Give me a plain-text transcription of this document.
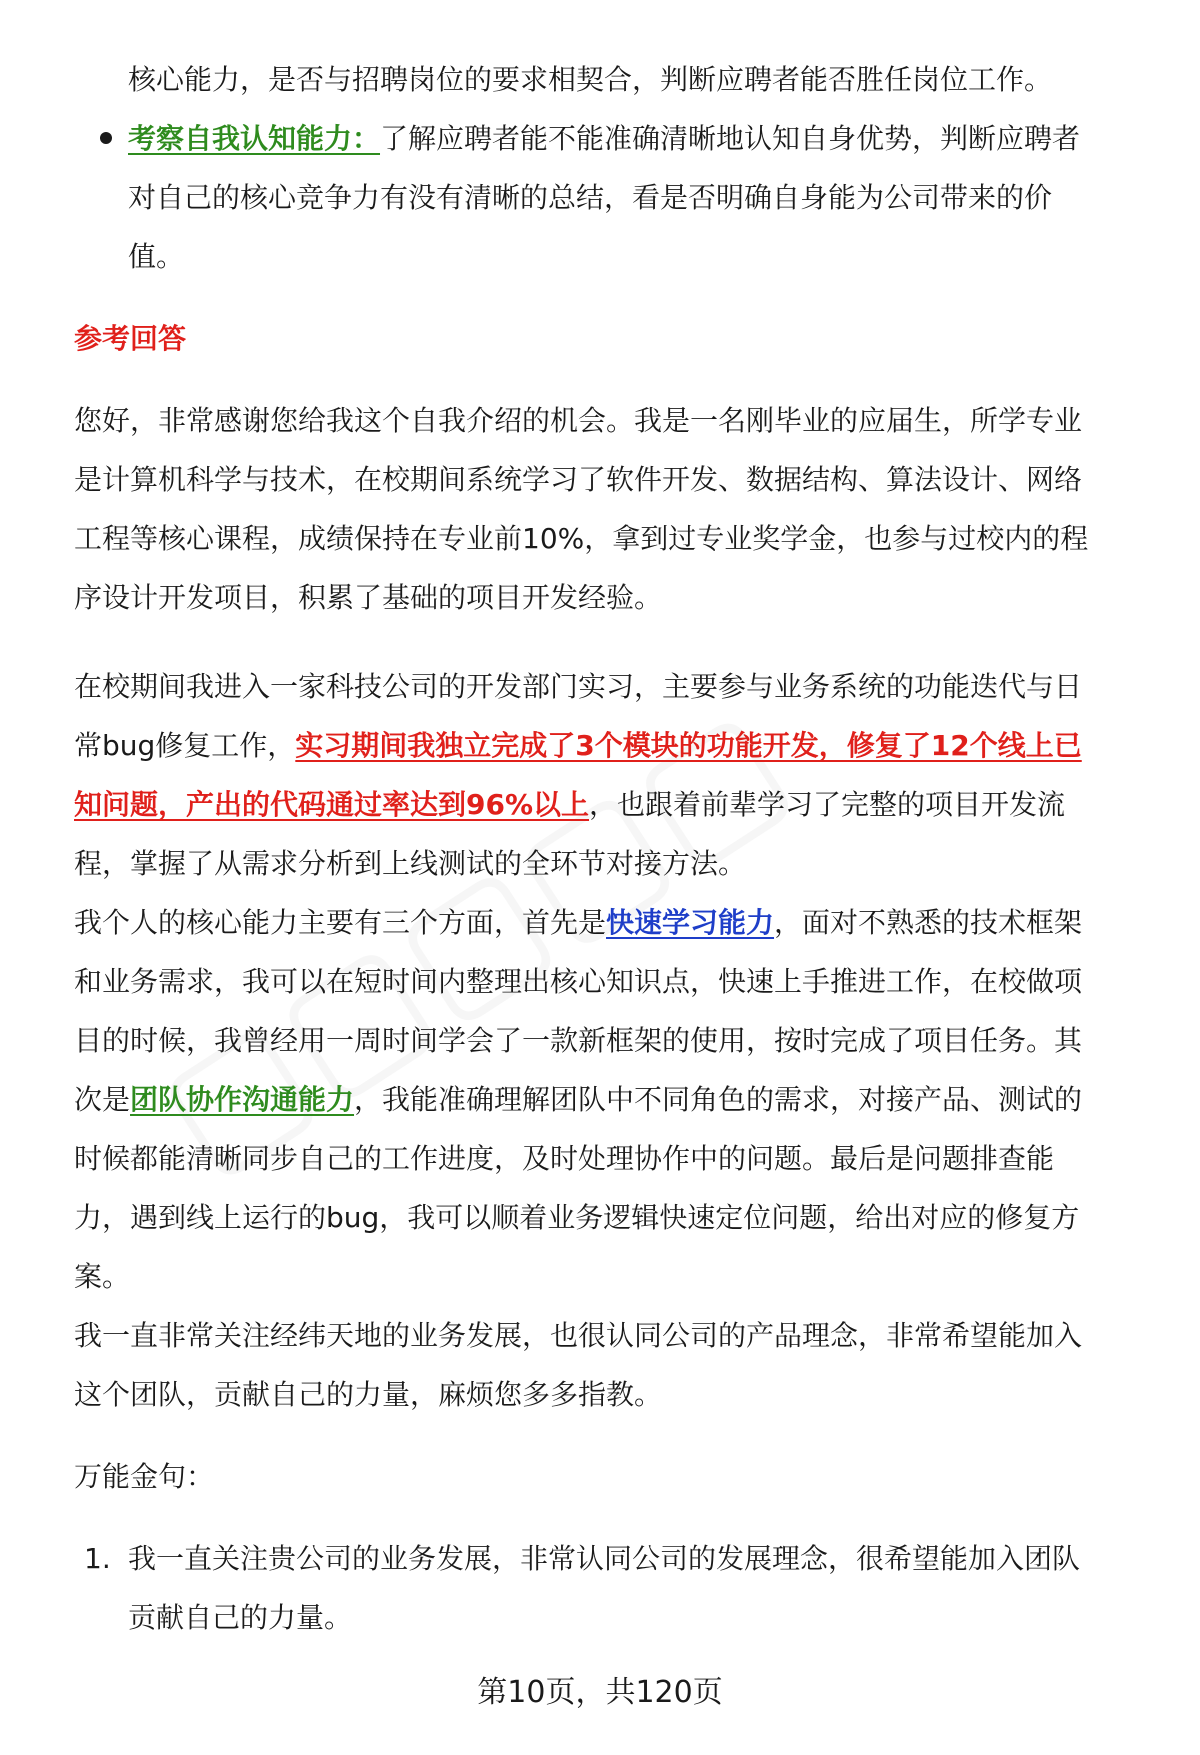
核心能力，是否与招聘岗位的要求相契合，判断应聘者能否胜任岗位工作。
考察自我认知能力：了解应聘者能不能准确清晰地认知自身优势，判断应聘者
对自己的核心竞争力有没有清晰的总结，看是否明确自身能为公司带来的价
值。
参考回答
您好，非常感谢您给我这个自我介绍的机会。我是一名刚毕业的应届生，所学专业
是计算机科学与技术，在校期间系统学习了软件开发、数据结构、算法设计、网络
工程等核心课程，成绩保持在专业前10%，拿到过专业奖学金，也参与过校内的程
序设计开发项目，积累了基础的项目开发经验。
在校期间我进入一家科技公司的开发部门实习，主要参与业务系统的功能迭代与日
常bug修复工作，实习期间我独立完成了3个模块的功能开发，修复了12个线上已
知问题，产出的代码通过率达到96%以上，也跟着前辈学习了完整的项目开发流
程，掌握了从需求分析到上线测试的全环节对接方法。
我个人的核心能力主要有三个方面，首先是快速学习能力，面对不熟悉的技术框架
和业务需求，我可以在短时间内整理出核心知识点，快速上手推进工作，在校做项
目的时候，我曾经用一周时间学会了一款新框架的使用，按时完成了项目任务。其
次是团队协作沟通能力，我能准确理解团队中不同角色的需求，对接产品、测试的
时候都能清晰同步自己的工作进度，及时处理协作中的问题。最后是问题排查能
力，遇到线上运行的bug，我可以顺着业务逻辑快速定位问题，给出对应的修复方
案。
我一直非常关注经纬天地的业务发展，也很认同公司的产品理念，非常希望能加入
这个团队，贡献自己的力量，麻烦您多多指教。
万能金句：
1. 我一直关注贵公司的业务发展，非常认同公司的发展理念，很希望能加入团队
贡献自己的力量。
第10页，共120页
